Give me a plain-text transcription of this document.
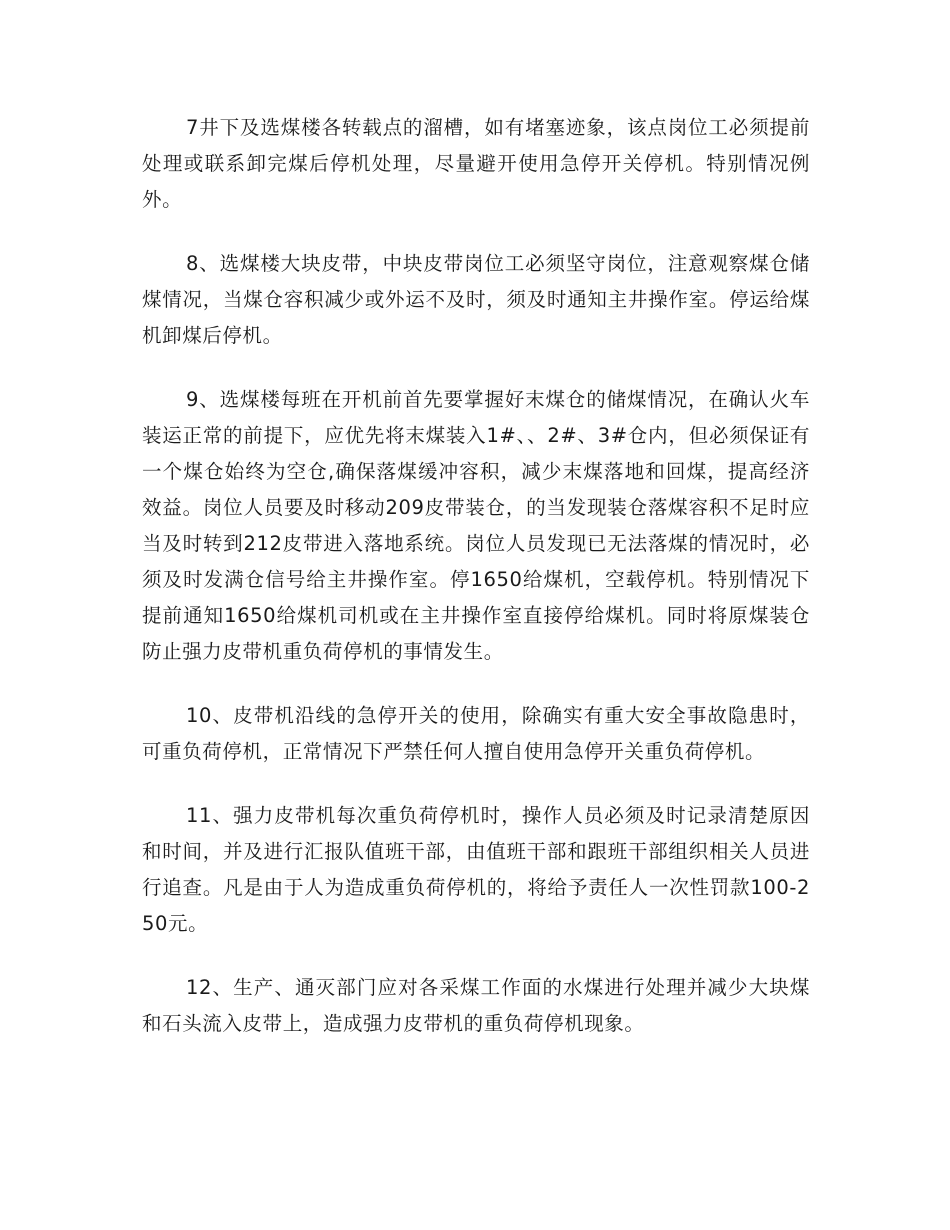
7井下及选煤楼各转载点的溜槽，如有堵塞迹象，该点岗位工必须提前处理或联系卸完煤后停机处理，尽量避开使用急停开关停机。特别情况例外。

8、选煤楼大块皮带，中块皮带岗位工必须坚守岗位，注意观察煤仓储煤情况，当煤仓容积减少或外运不及时，须及时通知主井操作室。停运给煤机卸煤后停机。

9、选煤楼每班在开机前首先要掌握好末煤仓的储煤情况，在确认火车装运正常的前提下，应优先将末煤装入1#、、2#、3#仓内，但必须保证有一个煤仓始终为空仓,确保落煤缓冲容积，减少末煤落地和回煤，提高经济效益。岗位人员要及时移动209皮带装仓，的当发现装仓落煤容积不足时应当及时转到212皮带进入落地系统。岗位人员发现已无法落煤的情况时，必须及时发满仓信号给主井操作室。停1650给煤机，空载停机。特别情况下提前通知1650给煤机司机或在主井操作室直接停给煤机。同时将原煤装仓防止强力皮带机重负荷停机的事情发生。

10、皮带机沿线的急停开关的使用，除确实有重大安全事故隐患时，可重负荷停机，正常情况下严禁任何人擅自使用急停开关重负荷停机。

11、强力皮带机每次重负荷停机时，操作人员必须及时记录清楚原因和时间，并及进行汇报队值班干部，由值班干部和跟班干部组织相关人员进行追查。凡是由于人为造成重负荷停机的，将给予责任人一次性罚款100-250元。

12、生产、通灭部门应对各采煤工作面的水煤进行处理并减少大块煤和石头流入皮带上，造成强力皮带机的重负荷停机现象。
